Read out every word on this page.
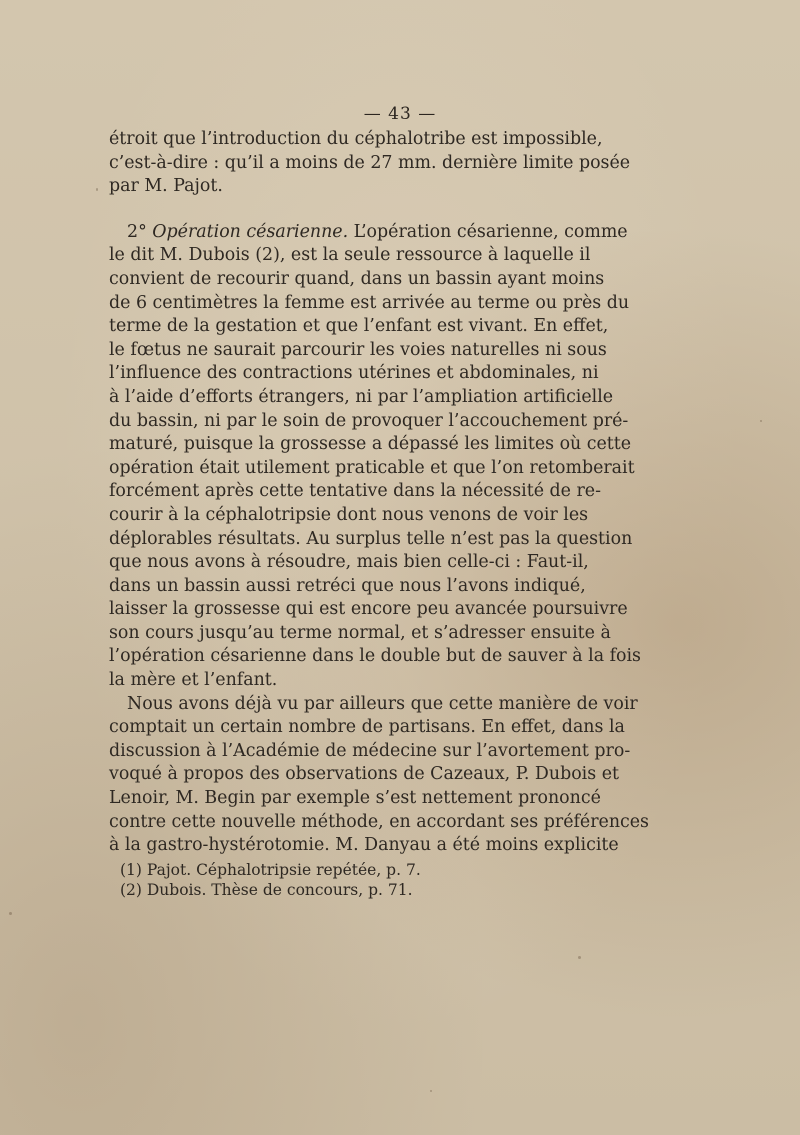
— 43 —
étroit que l’introduction du céphalotribe est impossible,
c’est-à-dire : qu’il a moins de 27 mm. dernière limite posée
par M. Pajot.
2° Opération césarienne. L’opération césarienne, comme
le dit M. Dubois (2), est la seule ressource à laquelle il
convient de recourir quand, dans un bassin ayant moins
de 6 centimètres la femme est arrivée au terme ou près du
terme de la gestation et que l’enfant est vivant. En effet,
le fœtus ne saurait parcourir les voies naturelles ni sous
l’influence des contractions utérines et abdominales, ni
à l’aide d’efforts étrangers, ni par l’ampliation artificielle
du bassin, ni par le soin de provoquer l’accouchement pré-
maturé, puisque la grossesse a dépassé les limites où cette
opération était utilement praticable et que l’on retomberait
forcément après cette tentative dans la nécessité de re-
courir à la céphalotripsie dont nous venons de voir les
déplorables résultats. Au surplus telle n’est pas la question
que nous avons à résoudre, mais bien celle-ci : Faut-il,
dans un bassin aussi retréci que nous l’avons indiqué,
laisser la grossesse qui est encore peu avancée poursuivre
son cours jusqu’au terme normal, et s’adresser ensuite à
l’opération césarienne dans le double but de sauver à la fois
la mère et l’enfant.
Nous avons déjà vu par ailleurs que cette manière de voir
comptait un certain nombre de partisans. En effet, dans la
discussion à l’Académie de médecine sur l’avortement pro-
voqué à propos des observations de Cazeaux, P. Dubois et
Lenoir, M. Begin par exemple s’est nettement prononcé
contre cette nouvelle méthode, en accordant ses préférences
à la gastro-hystérotomie. M. Danyau a été moins explicite
(1) Pajot. Céphalotripsie repétée, p. 7.
(2) Dubois. Thèse de concours, p. 71.
